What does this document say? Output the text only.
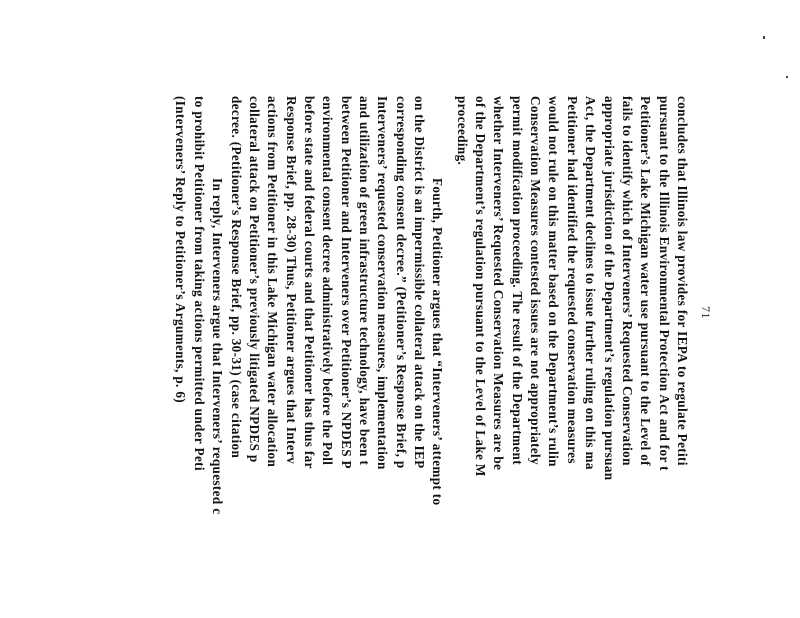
concludes that Illinois law provides for IEPA to regulate Petiti
pursuant to the Illinois Environmental Protection Act and for t
Petitioner’s Lake Michigan water use pursuant to the Level of
fails to identify which of Interveners’ Requested Conservation
appropriate jurisdiction of the Department’s regulation pursuan
Act, the Department declines to issue further ruling on this ma
Petitioner had identified the requested conservation measures
would not rule on this matter based on the Department’s rulin
Conservation Measures contested issues are not appropriately
permit modification proceeding. The result of the Department
whether Interveners’ Requested Conservation Measures are be
of the Department’s regulation pursuant to the Level of Lake M
proceeding.
Fourth, Petitioner argues that “Interveners’ attempt to
on the District is an impermissible collateral attack on the IEP
corresponding consent decree.” (Petitioner’s Response Brief, p
Interveners’ requested conservation measures, implementation
and utilization of green infrastructure technology, have been t
between Petitioner and Interveners over Petitioner’s NPDES P
environmental consent decree administratively before the Poll
before state and federal courts and that Petitioner has thus far
Response Brief, pp. 28-30) Thus, Petitioner argues that Interv
actions from Petitioner in this Lake Michigan water allocation
collateral attack on Petitioner’s previously litigated NPDES p
decree. (Petitioner’s Response Brief, pp. 30-31) (case citation
In reply, Interveners argue that Interveners’ requested c
to prohibit Petitioner from taking actions permitted under Peti
(Interveners’ Reply to Petitioner’s Arguments, p. 6)	71
